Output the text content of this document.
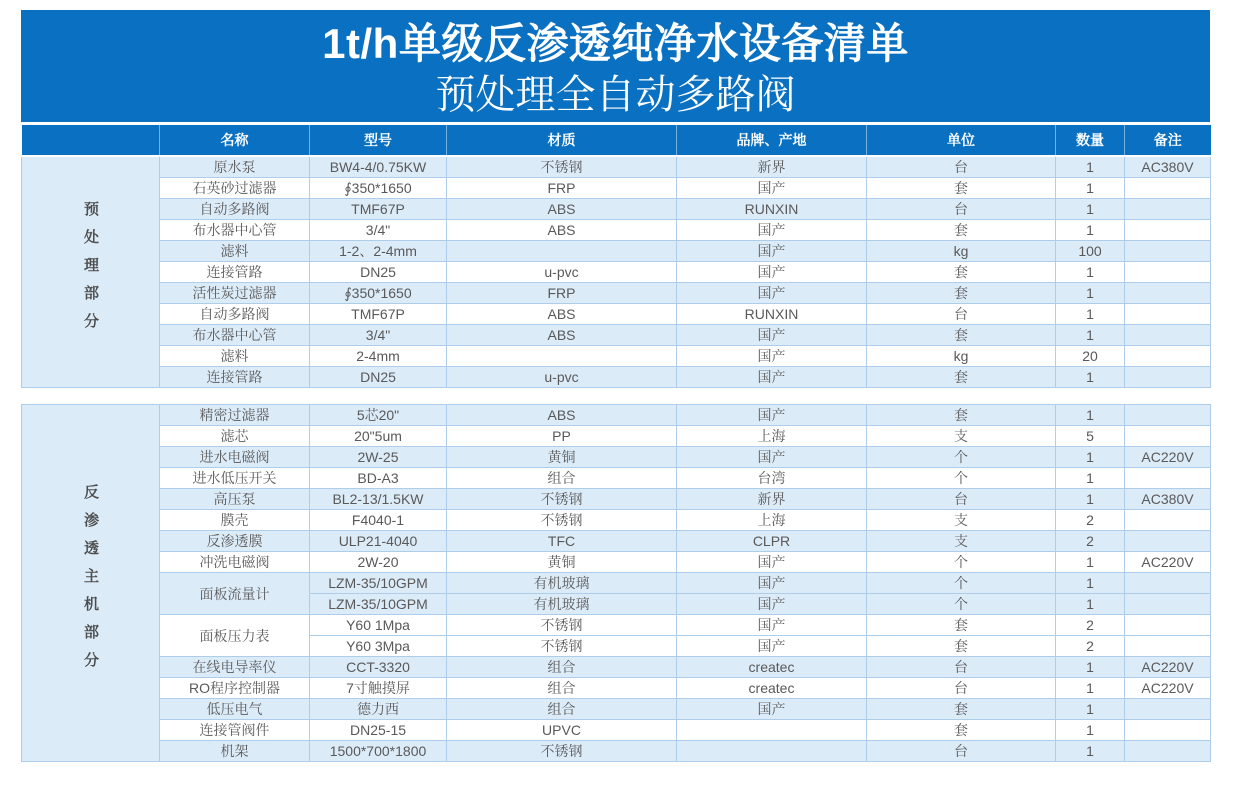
1t/h单级反渗透纯净水设备清单
预处理全自动多路阀
	名称	型号	材质	品牌、产地	单位	数量	备注
预处理部分	原水泵	BW4-4/0.75KW	不锈钢	新界	台	1	AC380V
	石英砂过滤器	∮350*1650	FRP	国产	套	1	
	自动多路阀	TMF67P	ABS	RUNXIN	台	1	
	布水器中心管	3/4"	ABS	国产	套	1	
	滤料	1-2、2-4mm		国产	kg	100	
	连接管路	DN25	u-pvc	国产	套	1	
	活性炭过滤器	∮350*1650	FRP	国产	套	1	
	自动多路阀	TMF67P	ABS	RUNXIN	台	1	
	布水器中心管	3/4"	ABS	国产	套	1	
	滤料	2-4mm		国产	kg	20	
	连接管路	DN25	u-pvc	国产	套	1	

反渗透主机部分	精密过滤器	5芯20"	ABS	国产	套	1	
	滤芯	20"5um	PP	上海	支	5	
	进水电磁阀	2W-25	黄铜	国产	个	1	AC220V
	进水低压开关	BD-A3	组合	台湾	个	1	
	高压泵	BL2-13/1.5KW	不锈钢	新界	台	1	AC380V
	膜壳	F4040-1	不锈钢	上海	支	2	
	反渗透膜	ULP21-4040	TFC	CLPR	支	2	
	冲洗电磁阀	2W-20	黄铜	国产	个	1	AC220V
	面板流量计	LZM-35/10GPM	有机玻璃	国产	个	1	
		LZM-35/10GPM	有机玻璃	国产	个	1	
	面板压力表	Y60 1Mpa	不锈钢	国产	套	2	
		Y60 3Mpa	不锈钢	国产	套	2	
	在线电导率仪	CCT-3320	组合	createc	台	1	AC220V
	RO程序控制器	7寸触摸屏	组合	createc	台	1	AC220V
	低压电气	德力西	组合	国产	套	1	
	连接管阀件	DN25-15	UPVC		套	1	
	机架	1500*700*1800	不锈钢		台	1	
